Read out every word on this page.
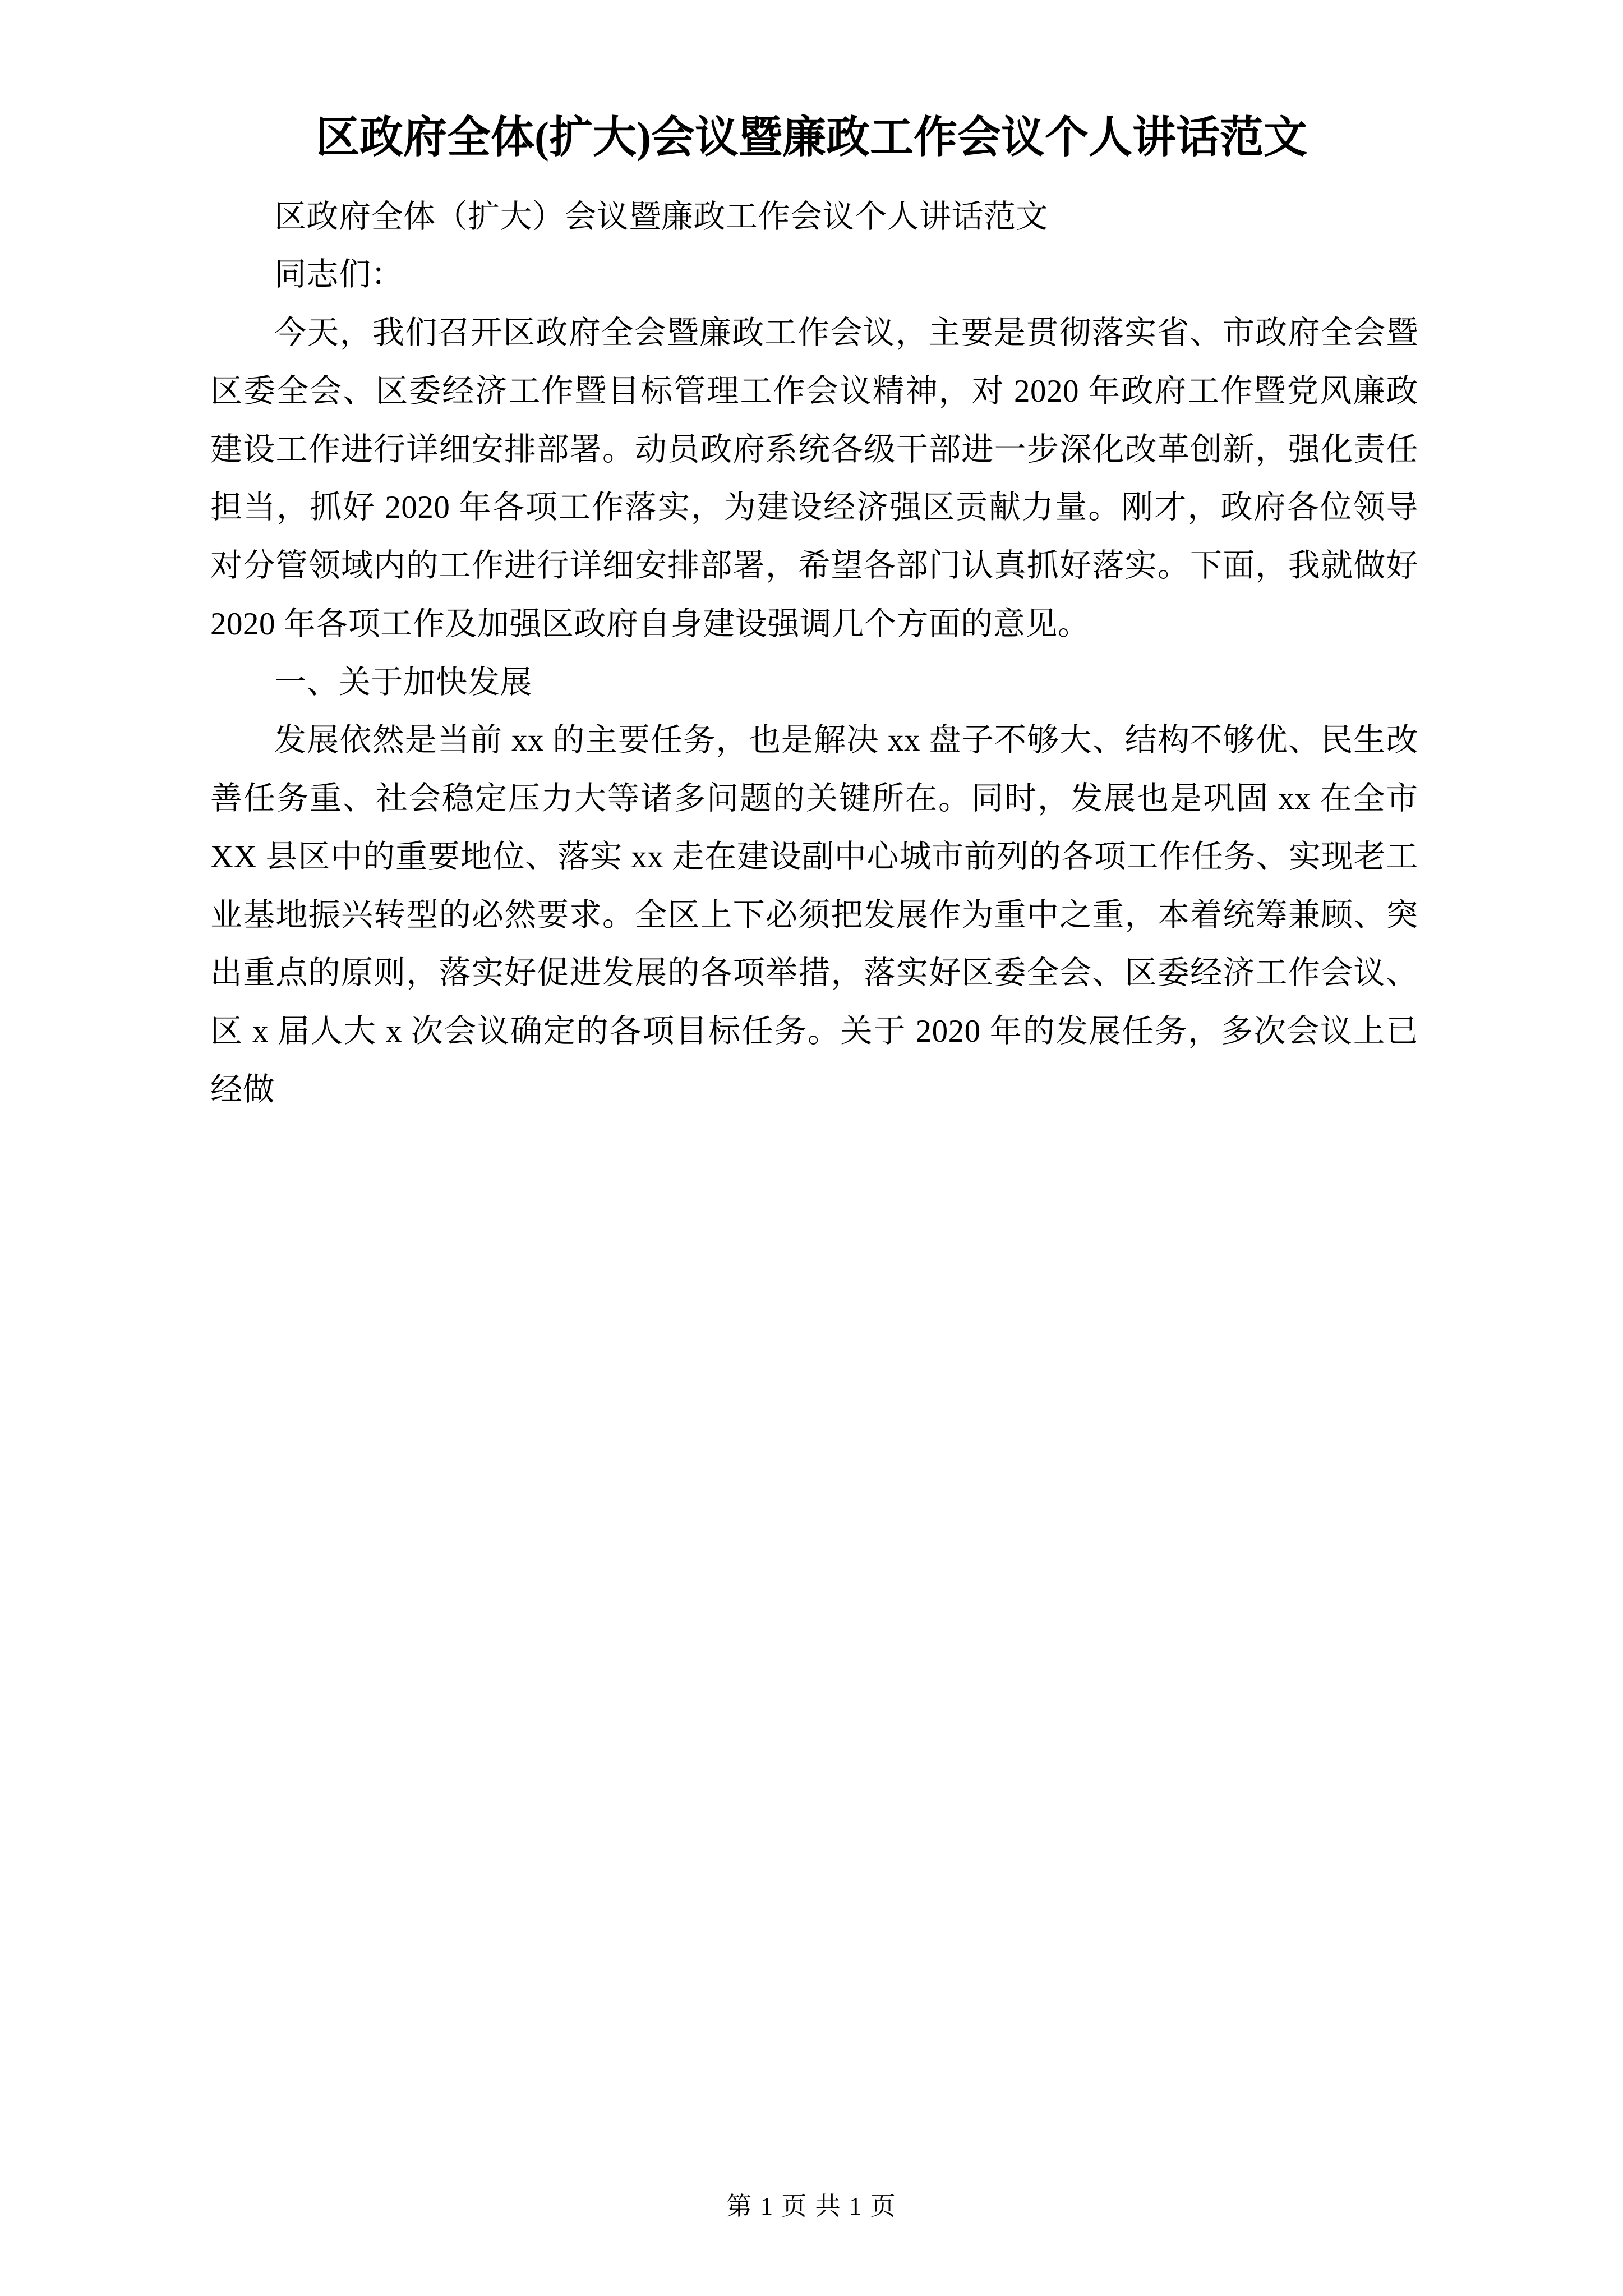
区政府全体(扩大)会议暨廉政工作会议个人讲话范文

区政府全体（扩大）会议暨廉政工作会议个人讲话范文

同志们：

今天，我们召开区政府全会暨廉政工作会议，主要是贯彻落实省、市政府全会暨区委全会、区委经济工作暨目标管理工作会议精神，对 2020 年政府工作暨党风廉政建设工作进行详细安排部署。动员政府系统各级干部进一步深化改革创新，强化责任担当，抓好 2020 年各项工作落实，为建设经济强区贡献力量。刚才，政府各位领导对分管领域内的工作进行详细安排部署，希望各部门认真抓好落实。下面，我就做好 2020 年各项工作及加强区政府自身建设强调几个方面的意见。

一、关于加快发展

发展依然是当前 xx 的主要任务，也是解决 xx 盘子不够大、结构不够优、民生改善任务重、社会稳定压力大等诸多问题的关键所在。同时，发展也是巩固 xx 在全市 XX 县区中的重要地位、落实 xx 走在建设副中心城市前列的各项工作任务、实现老工业基地振兴转型的必然要求。全区上下必须把发展作为重中之重，本着统筹兼顾、突出重点的原则，落实好促进发展的各项举措，落实好区委全会、区委经济工作会议、区 x 届人大 x 次会议确定的各项目标任务。关于 2020 年的发展任务，多次会议上已经做

第 1 页 共 1 页
